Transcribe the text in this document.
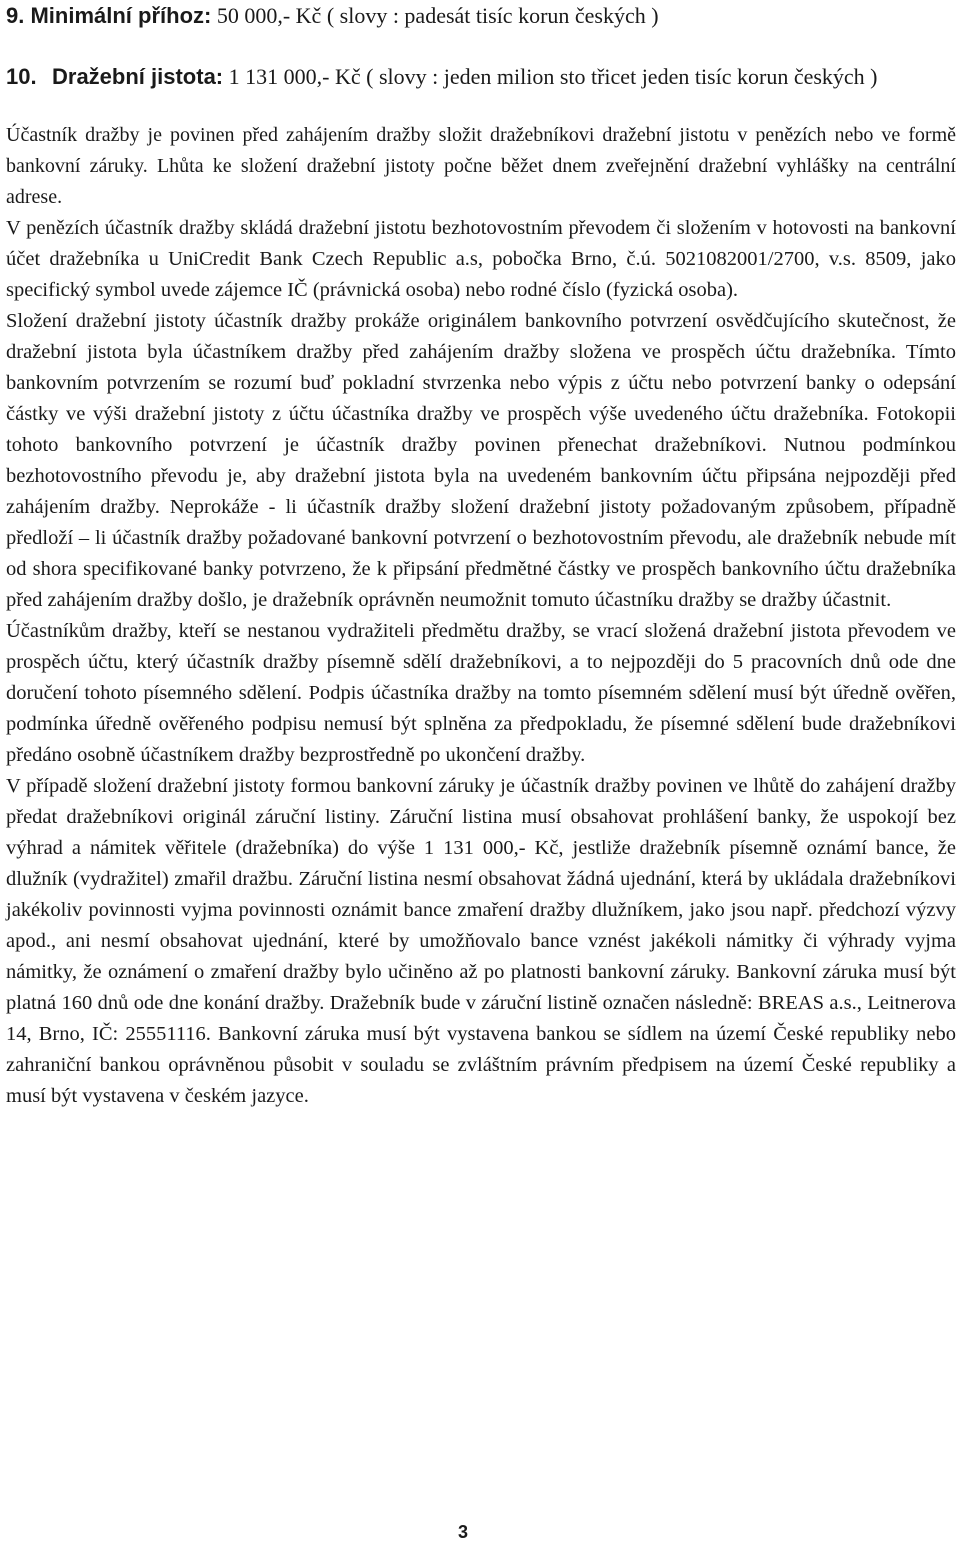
9. Minimální příhoz: 50 000,- Kč ( slovy : padesát tisíc korun českých )
10. Dražební jistota: 1 131 000,- Kč ( slovy : jeden milion sto třicet jeden tisíc korun českých )

Účastník dražby je povinen před zahájením dražby složit dražebníkovi dražební jistotu v penězích nebo ve formě bankovní záruky. Lhůta ke složení dražební jistoty počne běžet dnem zveřejnění dražební vyhlášky na centrální adrese.

V penězích účastník dražby skládá dražební jistotu bezhotovostním převodem či složením v hotovosti na bankovní účet dražebníka u UniCredit Bank Czech Republic a.s, pobočka Brno, č.ú. 5021082001/2700, v.s. 8509, jako specifický symbol uvede zájemce IČ (právnická osoba) nebo rodné číslo (fyzická osoba).

Složení dražební jistoty účastník dražby prokáže originálem bankovního potvrzení osvědčujícího skutečnost, že dražební jistota byla účastníkem dražby před zahájením dražby složena ve prospěch účtu dražebníka. Tímto bankovním potvrzením se rozumí buď pokladní stvrzenka nebo výpis z účtu nebo potvrzení banky o odepsání částky ve výši dražební jistoty z účtu účastníka dražby ve prospěch výše uvedeného účtu dražebníka. Fotokopii tohoto bankovního potvrzení je účastník dražby povinen přenechat dražebníkovi. Nutnou podmínkou bezhotovostního převodu je, aby dražební jistota byla na uvedeném bankovním účtu připsána nejpozději před zahájením dražby. Neprokáže - li účastník dražby složení dražební jistoty požadovaným způsobem, případně předloží – li účastník dražby požadované bankovní potvrzení o bezhotovostním převodu, ale dražebník nebude mít od shora specifikované banky potvrzeno, že k připsání předmětné částky ve prospěch bankovního účtu dražebníka před zahájením dražby došlo, je dražebník oprávněn neumožnit tomuto účastníku dražby se dražby účastnit.

Účastníkům dražby, kteří se nestanou vydražiteli předmětu dražby, se vrací složená dražební jistota převodem ve prospěch účtu, který účastník dražby písemně sdělí dražebníkovi, a to nejpozději do 5 pracovních dnů ode dne doručení tohoto písemného sdělení. Podpis účastníka dražby na tomto písemném sdělení musí být úředně ověřen, podmínka úředně ověřeného podpisu nemusí být splněna za předpokladu, že písemné sdělení bude dražebníkovi předáno osobně účastníkem dražby bezprostředně po ukončení dražby.

V případě složení dražební jistoty formou bankovní záruky je účastník dražby povinen ve lhůtě do zahájení dražby předat dražebníkovi originál záruční listiny. Záruční listina musí obsahovat prohlášení banky, že uspokojí bez výhrad a námitek věřitele (dražebníka) do výše 1 131 000,- Kč, jestliže dražebník písemně oznámí bance, že dlužník (vydražitel) zmařil dražbu. Záruční listina nesmí obsahovat žádná ujednání, která by ukládala dražebníkovi jakékoliv povinnosti vyjma povinnosti oznámit bance zmaření dražby dlužníkem, jako jsou např. předchozí výzvy apod., ani nesmí obsahovat ujednání, které by umožňovalo bance vznést jakékoli námitky či výhrady vyjma námitky, že oznámení o zmaření dražby bylo učiněno až po platnosti bankovní záruky. Bankovní záruka musí být platná 160 dnů ode dne konání dražby. Dražebník bude v záruční listině označen následně: BREAS a.s., Leitnerova 14, Brno, IČ: 25551116. Bankovní záruka musí být vystavena bankou se sídlem na území České republiky nebo zahraniční bankou oprávněnou působit v souladu se zvláštním právním předpisem na území České republiky a musí být vystavena v českém jazyce.

3
